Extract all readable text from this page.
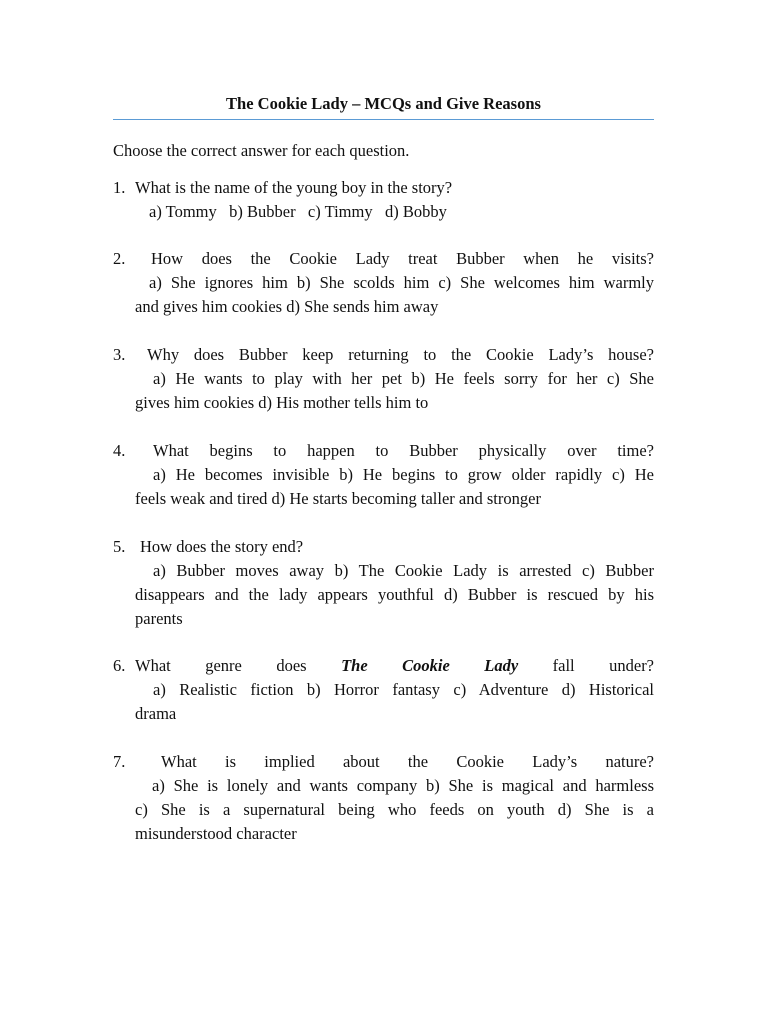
The Cookie Lady – MCQs and Give Reasons
Choose the correct answer for each question.

1. What is the name of the young boy in the story?

a) Tommy   b) Bubber   c) Timmy   d) Bobby

2. How does the Cookie Lady treat Bubber when he visits?

a) She ignores him b) She scolds him c) She welcomes him warmly

and gives him cookies d) She sends him away

3. Why does Bubber keep returning to the Cookie Lady’s house?

a) He wants to play with her pet b) He feels sorry for her c) She

gives him cookies d) His mother tells him to

4. What begins to happen to Bubber physically over time?

a) He becomes invisible b) He begins to grow older rapidly c) He

feels weak and tired d) He starts becoming taller and stronger

5. How does the story end?

a) Bubber moves away b) The Cookie Lady is arrested c) Bubber

disappears and the lady appears youthful d) Bubber is rescued by his

parents

6. What genre does The Cookie Lady fall under?

a) Realistic fiction b) Horror fantasy c) Adventure d) Historical

drama

7. What is implied about the Cookie Lady’s nature?

a) She is lonely and wants company b) She is magical and harmless

c) She is a supernatural being who feeds on youth d) She is a

misunderstood character
